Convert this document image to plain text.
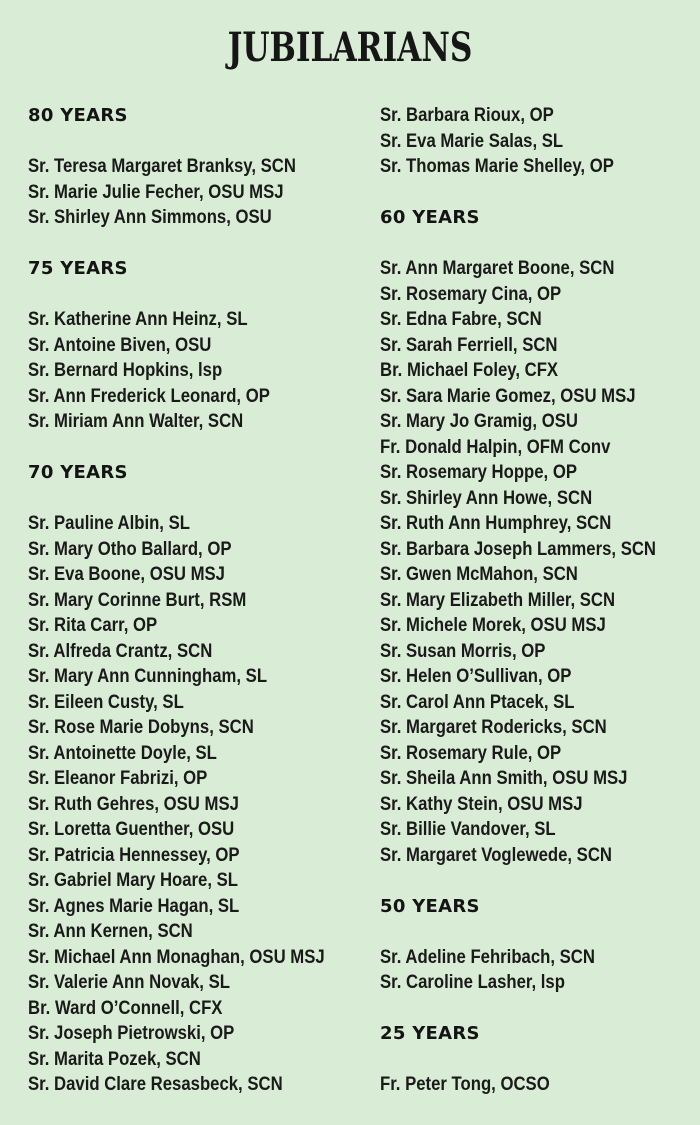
JUBILARIANS
80 YEARS
Sr. Teresa Margaret Branksy, SCN
Sr. Marie Julie Fecher, OSU MSJ
Sr. Shirley Ann Simmons, OSU
75 YEARS
Sr. Katherine Ann Heinz, SL
Sr. Antoine Biven, OSU
Sr. Bernard Hopkins, lsp
Sr. Ann Frederick Leonard, OP
Sr. Miriam Ann Walter, SCN
70 YEARS
Sr. Pauline Albin, SL
Sr. Mary Otho Ballard, OP
Sr. Eva Boone, OSU MSJ
Sr. Mary Corinne Burt, RSM
Sr. Rita Carr, OP
Sr. Alfreda Crantz, SCN
Sr. Mary Ann Cunningham, SL
Sr. Eileen Custy, SL
Sr. Rose Marie Dobyns, SCN
Sr. Antoinette Doyle, SL
Sr. Eleanor Fabrizi, OP
Sr. Ruth Gehres, OSU MSJ
Sr. Loretta Guenther, OSU
Sr. Patricia Hennessey, OP
Sr. Gabriel Mary Hoare, SL
Sr. Agnes Marie Hagan, SL
Sr. Ann Kernen, SCN
Sr. Michael Ann Monaghan, OSU MSJ
Sr. Valerie Ann Novak, SL
Br. Ward O’Connell, CFX
Sr. Joseph Pietrowski, OP
Sr. Marita Pozek, SCN
Sr. David Clare Resasbeck, SCN
Sr. Barbara Rioux, OP
Sr. Eva Marie Salas, SL
Sr. Thomas Marie Shelley, OP
60 YEARS
Sr. Ann Margaret Boone, SCN
Sr. Rosemary Cina, OP
Sr. Edna Fabre, SCN
Sr. Sarah Ferriell, SCN
Br. Michael Foley, CFX
Sr. Sara Marie Gomez, OSU MSJ
Sr. Mary Jo Gramig, OSU
Fr. Donald Halpin, OFM Conv
Sr. Rosemary Hoppe, OP
Sr. Shirley Ann Howe, SCN
Sr. Ruth Ann Humphrey, SCN
Sr. Barbara Joseph Lammers, SCN
Sr. Gwen McMahon, SCN
Sr. Mary Elizabeth Miller, SCN
Sr. Michele Morek, OSU MSJ
Sr. Susan Morris, OP
Sr. Helen O’Sullivan, OP
Sr. Carol Ann Ptacek, SL
Sr. Margaret Rodericks, SCN
Sr. Rosemary Rule, OP
Sr. Sheila Ann Smith, OSU MSJ
Sr. Kathy Stein, OSU MSJ
Sr. Billie Vandover, SL
Sr. Margaret Voglewede, SCN
50 YEARS
Sr. Adeline Fehribach, SCN
Sr. Caroline Lasher, lsp
25 YEARS
Fr. Peter Tong, OCSO
